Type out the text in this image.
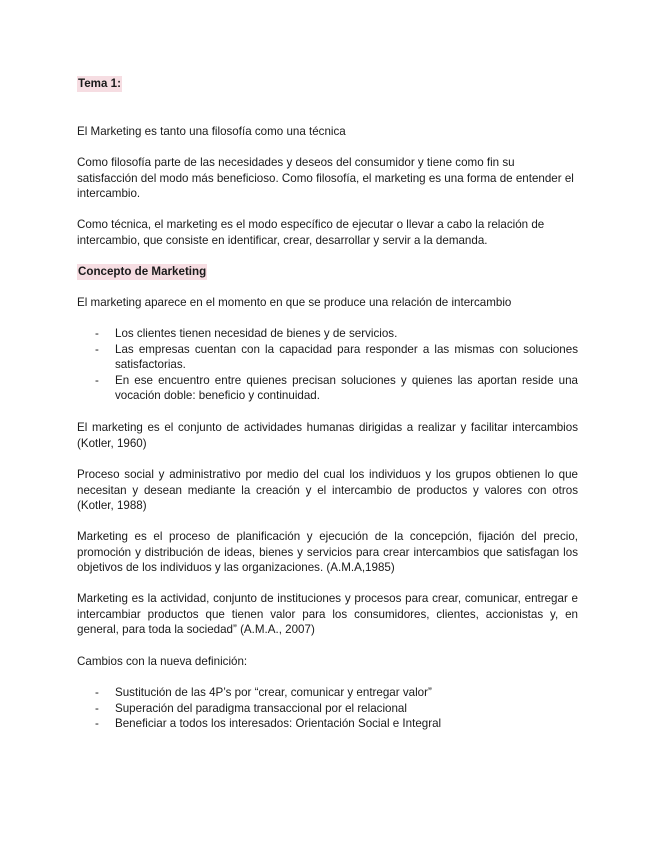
Tema 1:

El Marketing es tanto una filosofía como una técnica

Como filosofía parte de las necesidades y deseos del consumidor y tiene como fin su satisfacción del modo más beneficioso. Como filosofía, el marketing es una forma de entender el intercambio.

Como técnica, el marketing es el modo específico de ejecutar o llevar a cabo la relación de intercambio, que consiste en identificar, crear, desarrollar y servir a la demanda.

Concepto de Marketing

El marketing aparece en el momento en que se produce una relación de intercambio

- Los clientes tienen necesidad de bienes y de servicios.
- Las empresas cuentan con la capacidad para responder a las mismas con soluciones satisfactorias.
- En ese encuentro entre quienes precisan soluciones y quienes las aportan reside una vocación doble: beneficio y continuidad.

El marketing es el conjunto de actividades humanas dirigidas a realizar y facilitar intercambios (Kotler, 1960)

Proceso social y administrativo por medio del cual los individuos y los grupos obtienen lo que necesitan y desean mediante la creación y el intercambio de productos y valores con otros (Kotler, 1988)

Marketing es el proceso de planificación y ejecución de la concepción, fijación del precio, promoción y distribución de ideas, bienes y servicios para crear intercambios que satisfagan los objetivos de los individuos y las organizaciones. (A.M.A,1985)

Marketing es la actividad, conjunto de instituciones y procesos para crear, comunicar, entregar e intercambiar productos que tienen valor para los consumidores, clientes, accionistas y, en general, para toda la sociedad” (A.M.A., 2007)

Cambios con la nueva definición:

- Sustitución de las 4P’s por “crear, comunicar y entregar valor”
- Superación del paradigma transaccional por el relacional
- Beneficiar a todos los interesados: Orientación Social e Integral
